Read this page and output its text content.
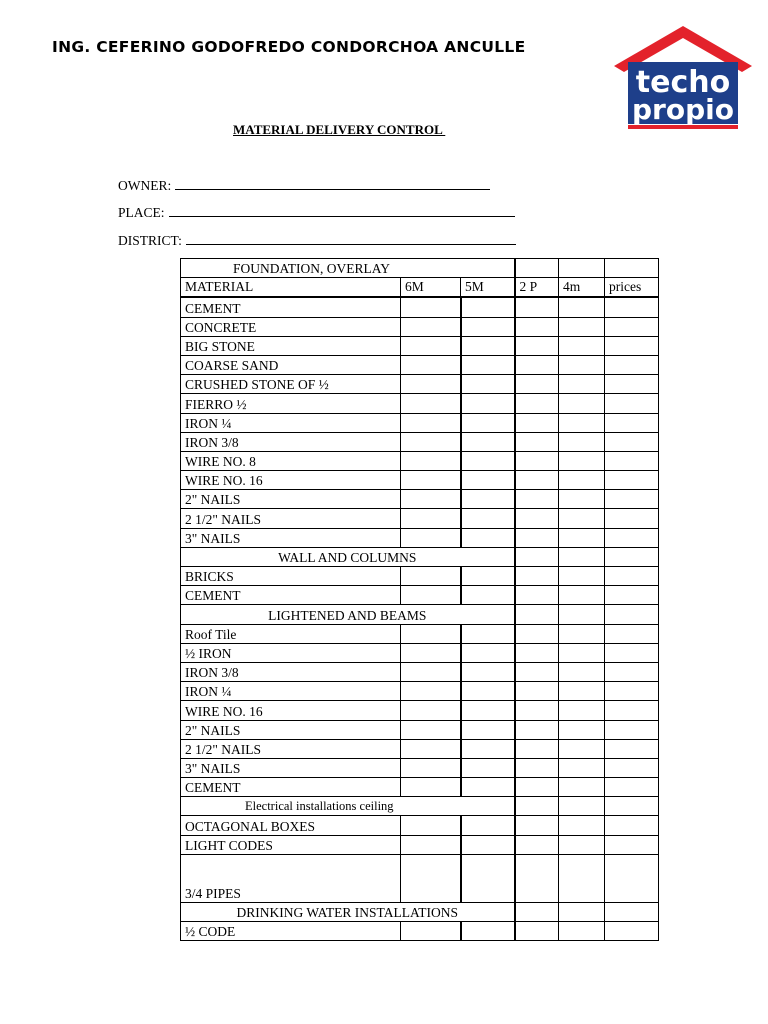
ING. CEFERINO GODOFREDO CONDORCHOA ANCULLE
techo
propio
MATERIAL DELIVERY CONTROL
OWNER:
PLACE:
DISTRICT:
FOUNDATION, OVERLAY					
MATERIAL	6M	5M	2 P	4m	prices
CEMENT					
CONCRETE					
BIG STONE					
COARSE SAND					
CRUSHED STONE OF ½					
FIERRO ½					
IRON ¼					
IRON 3/8					
WIRE NO. 8					
WIRE NO. 16					
2" NAILS					
2 1/2" NAILS					
3" NAILS					
WALL AND COLUMNS					
BRICKS					
CEMENT					
LIGHTENED AND BEAMS					
Roof Tile					
½ IRON					
IRON 3/8					
IRON ¼					
WIRE NO. 16					
2" NAILS					
2 1/2" NAILS					
3" NAILS					
CEMENT					
Electrical installations ceiling					
OCTAGONAL BOXES					
LIGHT CODES					
3/4 PIPES					
DRINKING WATER INSTALLATIONS					
½ CODE					
